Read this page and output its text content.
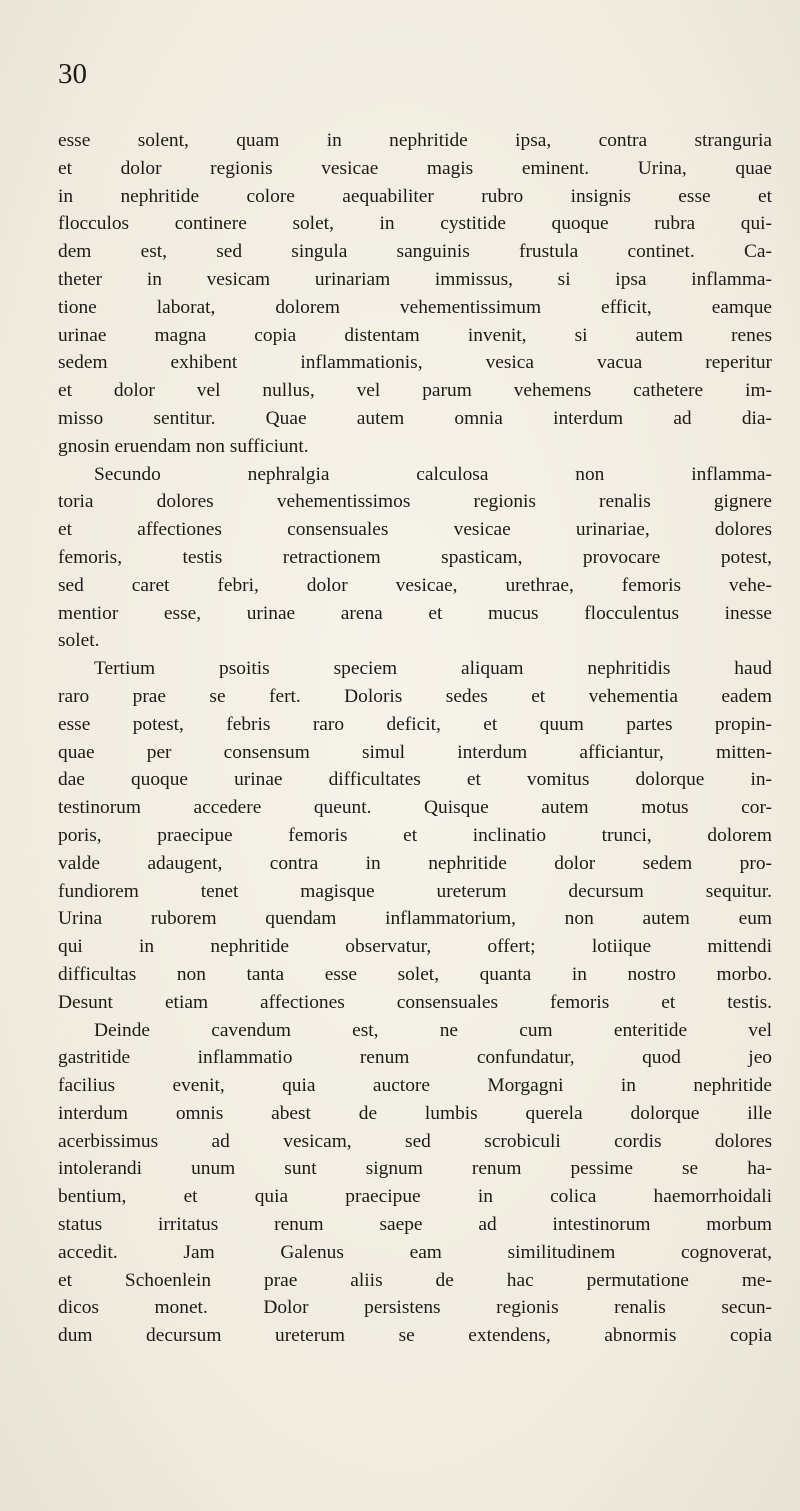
30
esse solent, quam in nephritide ipsa, contra stranguria
et dolor regionis vesicae magis eminent. Urina, quae
in nephritide colore aequabiliter rubro insignis esse et
flocculos continere solet, in cystitide quoque rubra qui-
dem est, sed singula sanguinis frustula continet. Ca-
theter in vesicam urinariam immissus, si ipsa inflamma-
tione laborat, dolorem vehementissimum efficit, eamque
urinae magna copia distentam invenit, si autem renes
sedem exhibent inflammationis, vesica vacua reperitur
et dolor vel nullus, vel parum vehemens cathetere im-
misso sentitur. Quae autem omnia interdum ad dia-
gnosin eruendam non sufficiunt.
Secundo nephralgia calculosa non inflamma-
toria dolores vehementissimos regionis renalis gignere
et affectiones consensuales vesicae urinariae, dolores
femoris, testis retractionem spasticam, provocare potest,
sed caret febri, dolor vesicae, urethrae, femoris vehe-
mentior esse, urinae arena et mucus flocculentus inesse
solet.
Tertium psoitis speciem aliquam nephritidis haud
raro prae se fert. Doloris sedes et vehementia eadem
esse potest, febris raro deficit, et quum partes propin-
quae per consensum simul interdum afficiantur, mitten-
dae quoque urinae difficultates et vomitus dolorque in-
testinorum accedere queunt. Quisque autem motus cor-
poris, praecipue femoris et inclinatio trunci, dolorem
valde adaugent, contra in nephritide dolor sedem pro-
fundiorem tenet magisque ureterum decursum sequitur.
Urina ruborem quendam inflammatorium, non autem eum
qui in nephritide observatur, offert; lotiique mittendi
difficultas non tanta esse solet, quanta in nostro morbo.
Desunt etiam affectiones consensuales femoris et testis.
Deinde cavendum est, ne cum enteritide vel
gastritide inflammatio renum confundatur, quod jeo
facilius evenit, quia auctore Morgagni in nephritide
interdum omnis abest de lumbis querela dolorque ille
acerbissimus ad vesicam, sed scrobiculi cordis dolores
intolerandi unum sunt signum renum pessime se ha-
bentium, et quia praecipue in colica haemorrhoidali
status irritatus renum saepe ad intestinorum morbum
accedit. Jam Galenus eam similitudinem cognoverat,
et Schoenlein prae aliis de hac permutatione me-
dicos monet. Dolor persistens regionis renalis secun-
dum decursum ureterum se extendens, abnormis copia
